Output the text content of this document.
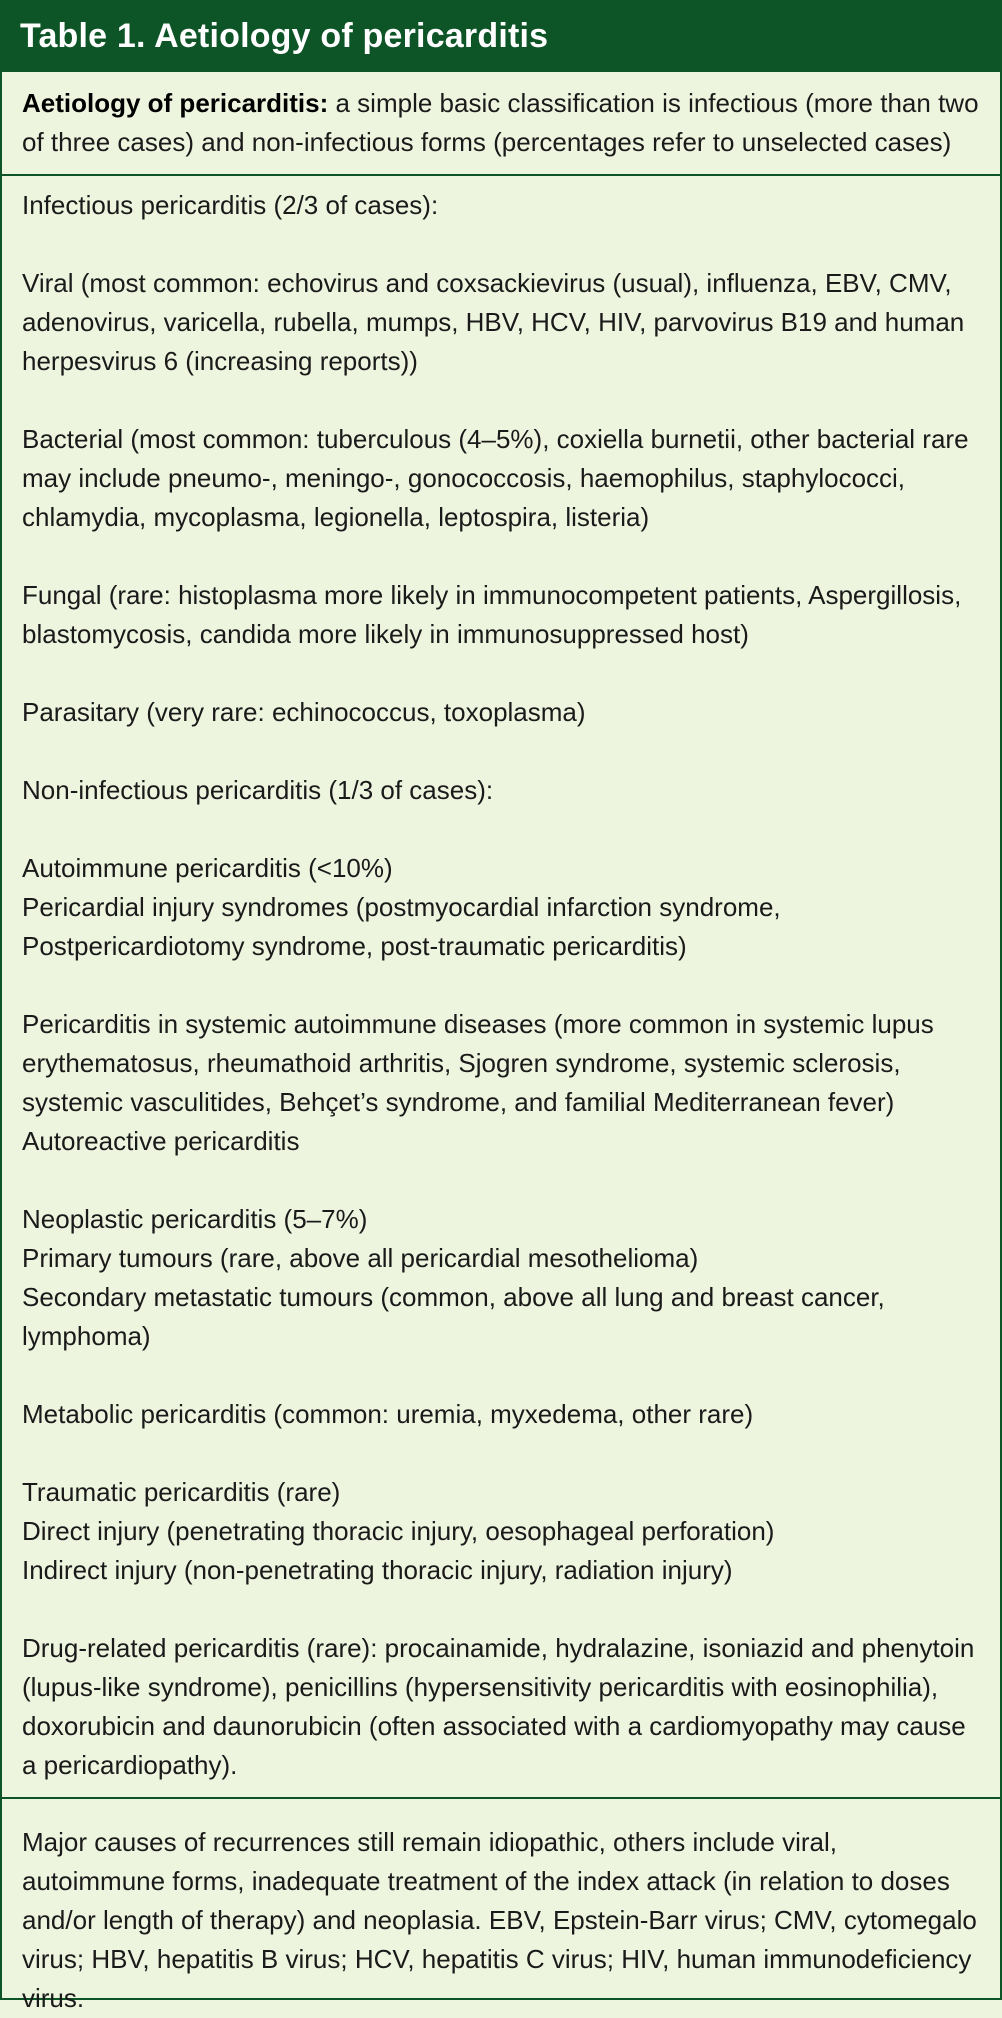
Table 1. Aetiology of pericarditis
Aetiology of pericarditis: a simple basic classification is infectious (more than two of three cases) and non-infectious forms (percentages refer to unselected cases)

Infectious pericarditis (2/3 of cases):

Viral (most common: echovirus and coxsackievirus (usual), influenza, EBV, CMV, adenovirus, varicella, rubella, mumps, HBV, HCV, HIV, parvovirus B19 and human herpesvirus 6 (increasing reports))

Bacterial (most common: tuberculous (4–5%), coxiella burnetii, other bacterial rare may include pneumo-, meningo-, gonococcosis, haemophilus, staphylococci, chlamydia, mycoplasma, legionella, leptospira, listeria)

Fungal (rare: histoplasma more likely in immunocompetent patients, Aspergillosis, blastomycosis, candida more likely in immunosuppressed host)

Parasitary (very rare: echinococcus, toxoplasma)

Non-infectious pericarditis (1/3 of cases):

Autoimmune pericarditis (<10%)
Pericardial injury syndromes (postmyocardial infarction syndrome, Postpericardiotomy syndrome, post-traumatic pericarditis)

Pericarditis in systemic autoimmune diseases (more common in systemic lupus erythematosus, rheumathoid arthritis, Sjogren syndrome, systemic sclerosis, systemic vasculitides, Behçet’s syndrome, and familial Mediterranean fever)
Autoreactive pericarditis

Neoplastic pericarditis (5–7%)
Primary tumours (rare, above all pericardial mesothelioma)
Secondary metastatic tumours (common, above all lung and breast cancer, lymphoma)

Metabolic pericarditis (common: uremia, myxedema, other rare)

Traumatic pericarditis (rare)
Direct injury (penetrating thoracic injury, oesophageal perforation)
Indirect injury (non-penetrating thoracic injury, radiation injury)

Drug-related pericarditis (rare): procainamide, hydralazine, isoniazid and phenytoin (lupus-like syndrome), penicillins (hypersensitivity pericarditis with eosinophilia), doxorubicin and daunorubicin (often associated with a cardiomyopathy may cause a pericardiopathy).

Major causes of recurrences still remain idiopathic, others include viral, autoimmune forms, inadequate treatment of the index attack (in relation to doses and/or length of therapy) and neoplasia. EBV, Epstein-Barr virus; CMV, cytomegalo virus; HBV, hepatitis B virus; HCV, hepatitis C virus; HIV, human immunodeficiency virus.
